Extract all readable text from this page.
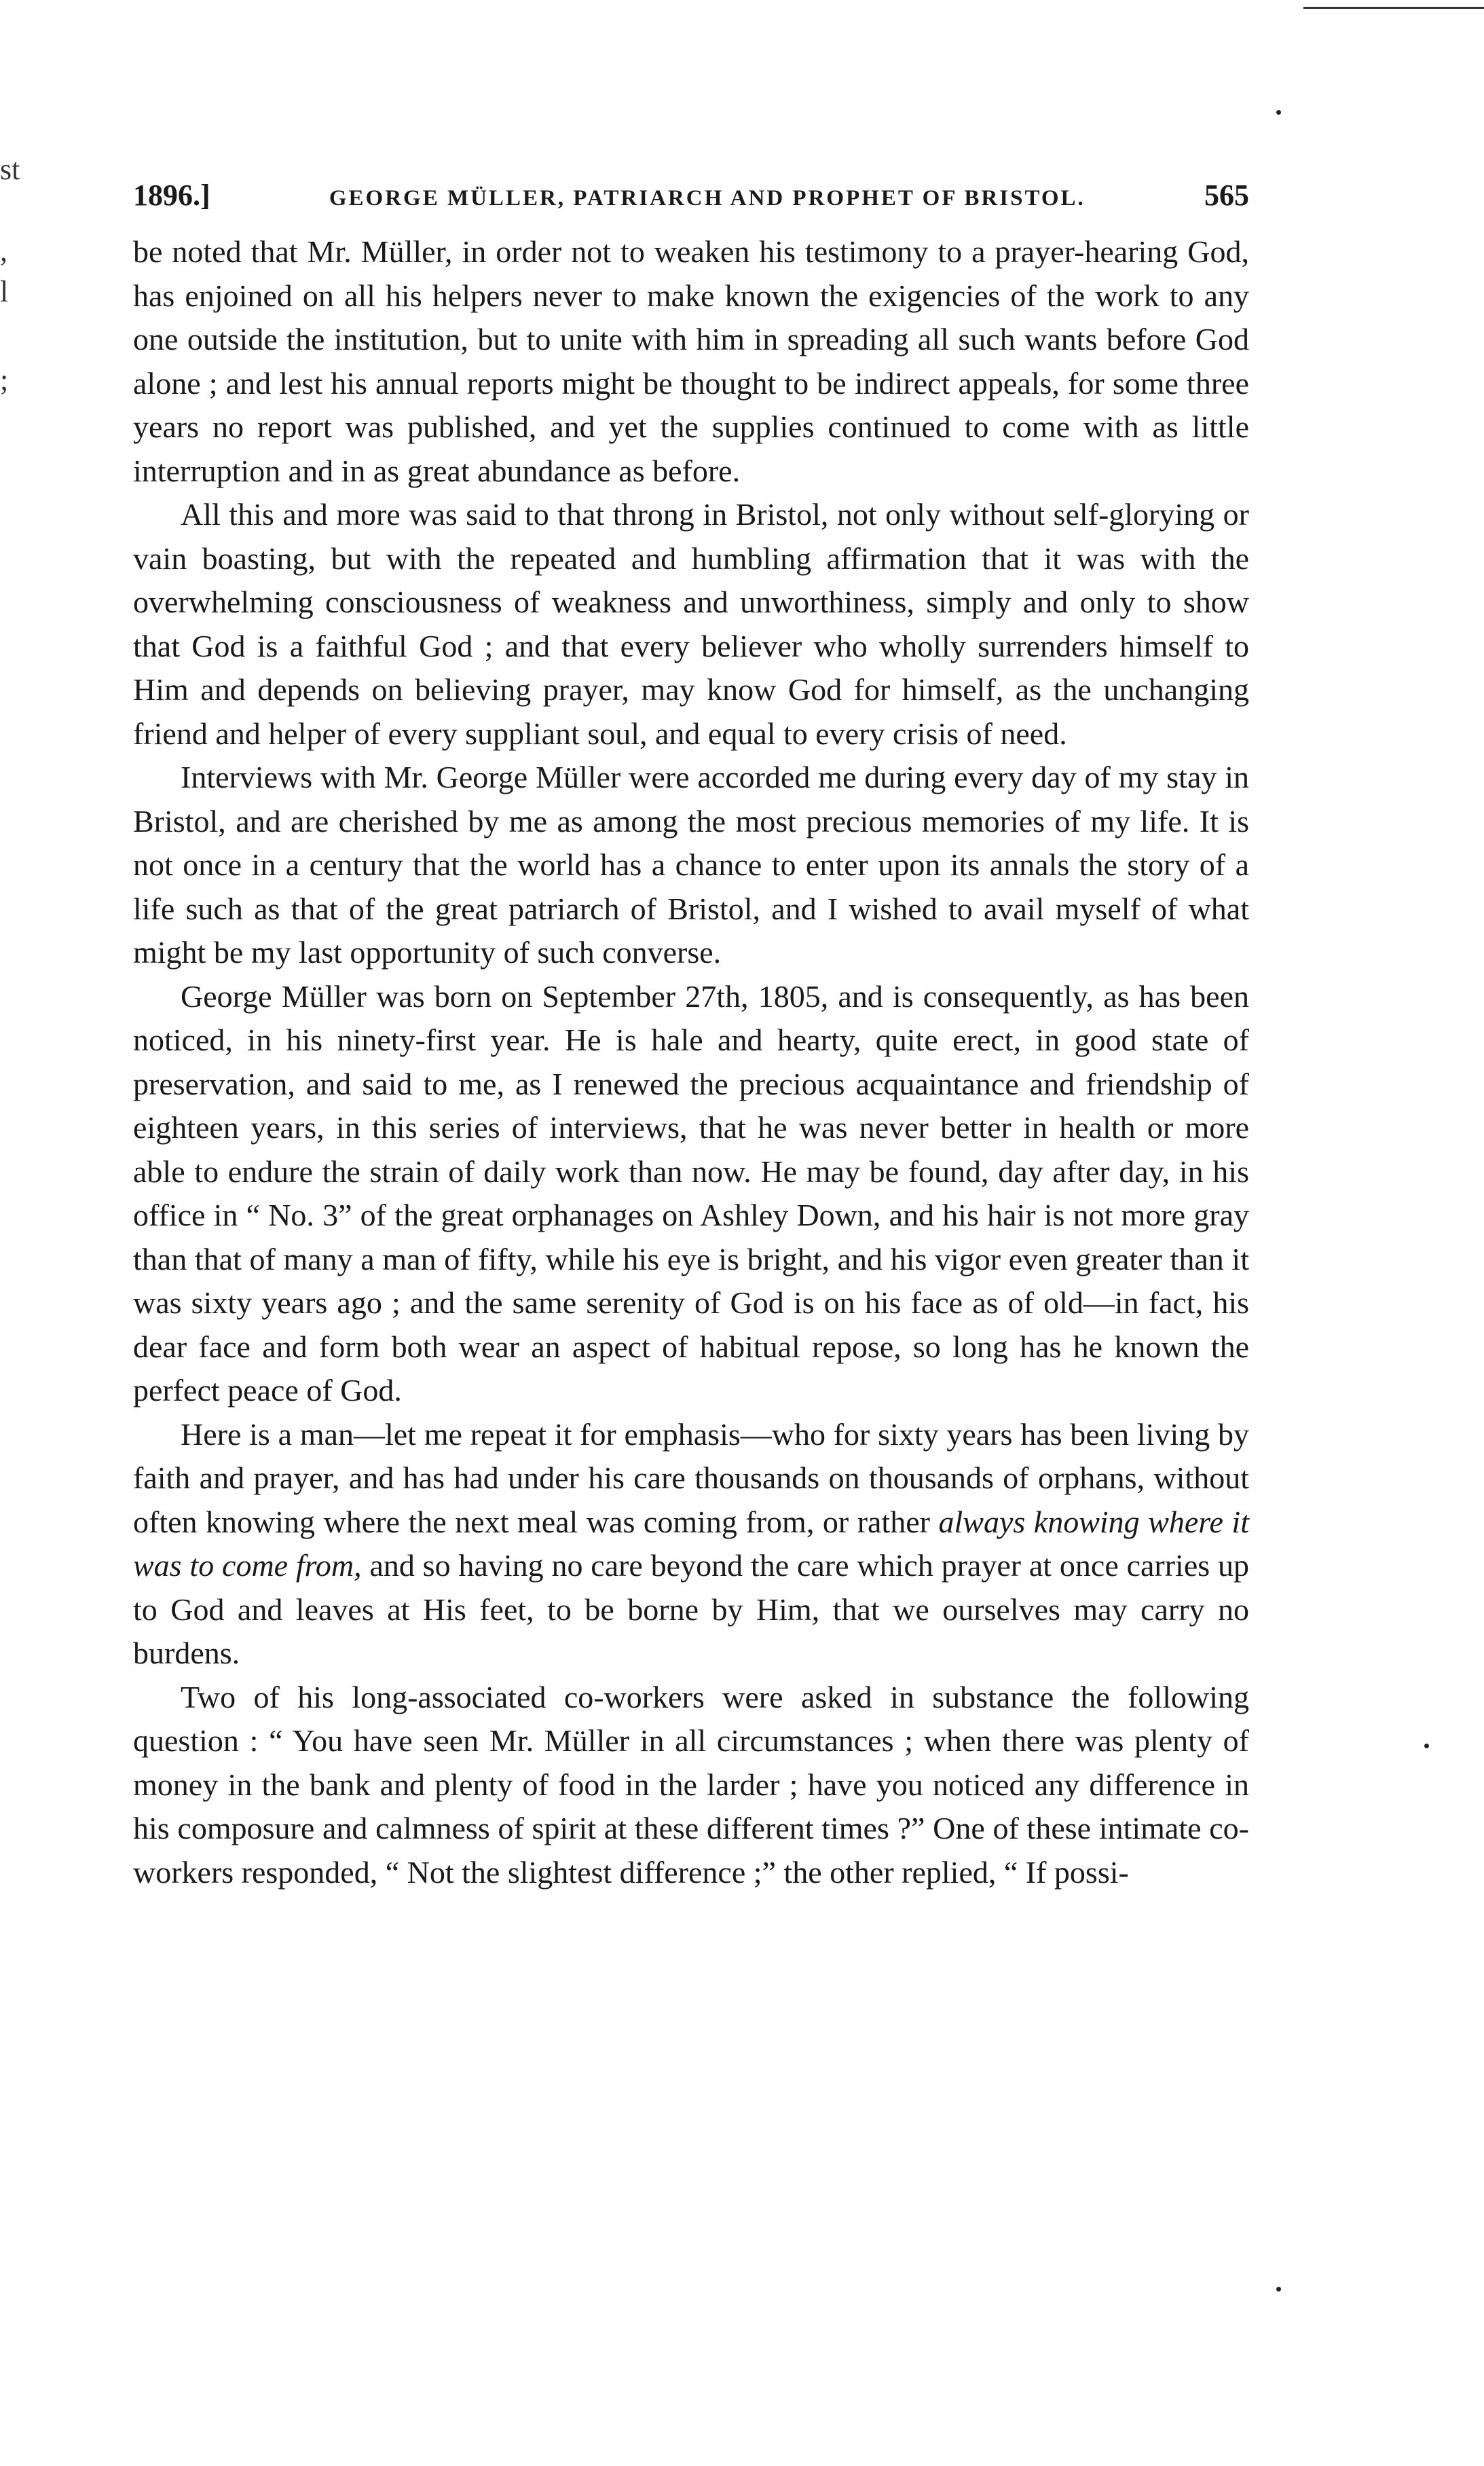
st
,
l
;
1896.]	GEORGE MÜLLER, PATRIARCH AND PROPHET OF BRISTOL.	565

be noted that Mr. Müller, in order not to weaken his testimony to a prayer-hearing God, has enjoined on all his helpers never to make known the exigencies of the work to any one outside the institution, but to unite with him in spreading all such wants before God alone ; and lest his annual reports might be thought to be indirect appeals, for some three years no report was published, and yet the supplies continued to come with as little interruption and in as great abundance as before.

All this and more was said to that throng in Bristol, not only without self-glorying or vain boasting, but with the repeated and humbling affirmation that it was with the overwhelming consciousness of weakness and unworthiness, simply and only to show that God is a faithful God ; and that every believer who wholly surrenders himself to Him and depends on believing prayer, may know God for himself, as the unchanging friend and helper of every suppliant soul, and equal to every crisis of need.

Interviews with Mr. George Müller were accorded me during every day of my stay in Bristol, and are cherished by me as among the most precious memories of my life. It is not once in a century that the world has a chance to enter upon its annals the story of a life such as that of the great patriarch of Bristol, and I wished to avail myself of what might be my last opportunity of such converse.

George Müller was born on September 27th, 1805, and is consequently, as has been noticed, in his ninety-first year. He is hale and hearty, quite erect, in good state of preservation, and said to me, as I renewed the precious acquaintance and friendship of eighteen years, in this series of interviews, that he was never better in health or more able to endure the strain of daily work than now. He may be found, day after day, in his office in “ No. 3” of the great orphanages on Ashley Down, and his hair is not more gray than that of many a man of fifty, while his eye is bright, and his vigor even greater than it was sixty years ago ; and the same serenity of God is on his face as of old—in fact, his dear face and form both wear an aspect of habitual repose, so long has he known the perfect peace of God.

Here is a man—let me repeat it for emphasis—who for sixty years has been living by faith and prayer, and has had under his care thousands on thousands of orphans, without often knowing where the next meal was coming from, or rather always knowing where it was to come from, and so having no care beyond the care which prayer at once carries up to God and leaves at His feet, to be borne by Him, that we ourselves may carry no burdens.

Two of his long-associated co-workers were asked in substance the following question : “ You have seen Mr. Müller in all circumstances ; when there was plenty of money in the bank and plenty of food in the larder ; have you noticed any difference in his composure and calmness of spirit at these different times ?” One of these intimate co-workers responded, “ Not the slightest difference ;” the other replied, “ If possi-
